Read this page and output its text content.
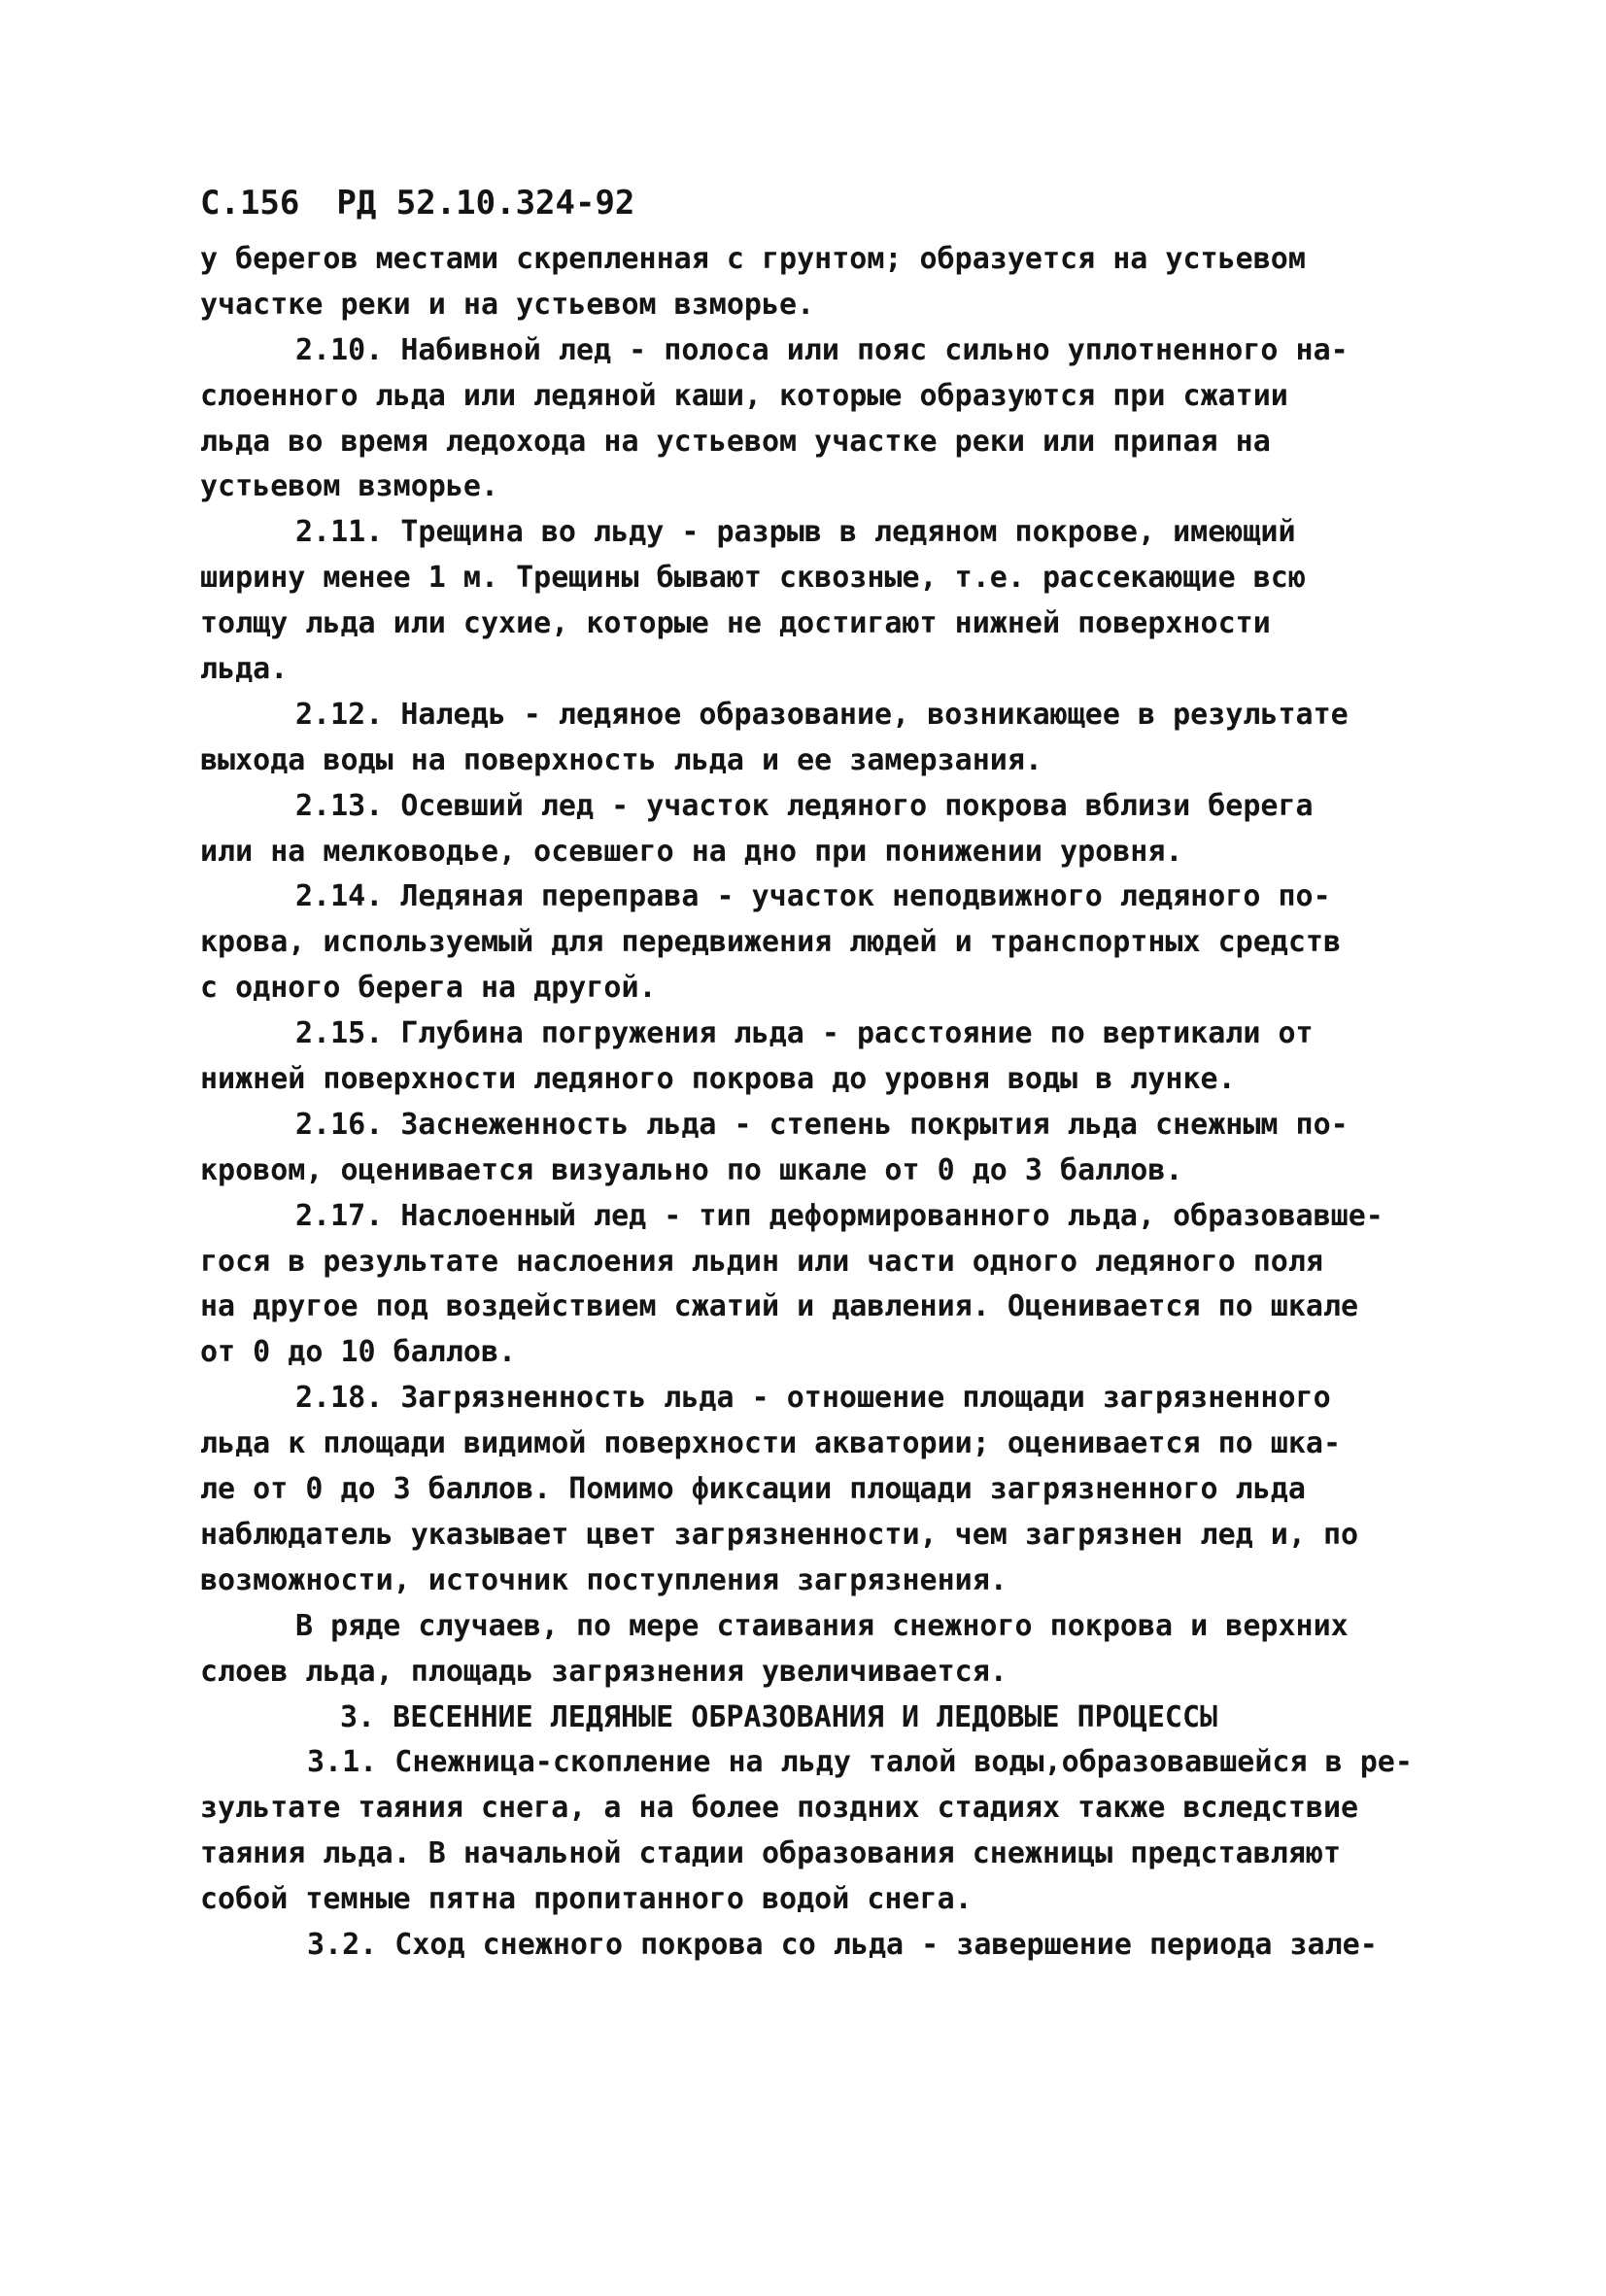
С.156 РД 52.10.324-92
у берегов местами скрепленная с грунтом; образуется на устьевом
участке реки и на устьевом взморье.
2.10. Набивной лед - полоса или пояс сильно уплотненного на-
слоенного льда или ледяной каши, которые образуются при сжатии
льда во время ледохода на устьевом участке реки или припая на
устьевом взморье.
2.11. Трещина во льду - разрыв в ледяном покрове, имеющий
ширину менее 1 м. Трещины бывают сквозные, т.е. рассекающие всю
толщу льда или сухие, которые не достигают нижней поверхности
льда.
2.12. Наледь - ледяное образование, возникающее в результате
выхода воды на поверхность льда и ее замерзания.
2.13. Осевший лед - участок ледяного покрова вблизи берега
или на мелководье, осевшего на дно при понижении уровня.
2.14. Ледяная переправа - участок неподвижного ледяного по-
крова, используемый для передвижения людей и транспортных средств
с одного берега на другой.
2.15. Глубина погружения льда - расстояние по вертикали от
нижней поверхности ледяного покрова до уровня воды в лунке.
2.16. Заснеженность льда - степень покрытия льда снежным по-
кровом, оценивается визуально по шкале от 0 до 3 баллов.
2.17. Наслоенный лед - тип деформированного льда, образовавше-
гося в результате наслоения льдин или части одного ледяного поля
на другое под воздействием сжатий и давления. Оценивается по шкале
от 0 до 10 баллов.
2.18. Загрязненность льда - отношение площади загрязненного
льда к площади видимой поверхности акватории; оценивается по шка-
ле от 0 до 3 баллов. Помимо фиксации площади загрязненного льда
наблюдатель указывает цвет загрязненности, чем загрязнен лед и, по
возможности, источник поступления загрязнения.
В ряде случаев, по мере стаивания снежного покрова и верхних
слоев льда, площадь загрязнения увеличивается.
3. ВЕСЕННИЕ ЛЕДЯНЫЕ ОБРАЗОВАНИЯ И ЛЕДОВЫЕ ПРОЦЕССЫ
3.1. Снежница-скопление на льду талой воды,образовавшейся в ре-
зультате таяния снега, а на более поздних стадиях также вследствие
таяния льда. В начальной стадии образования снежницы представляют
собой темные пятна пропитанного водой снега.
3.2. Сход снежного покрова со льда - завершение периода зале-
